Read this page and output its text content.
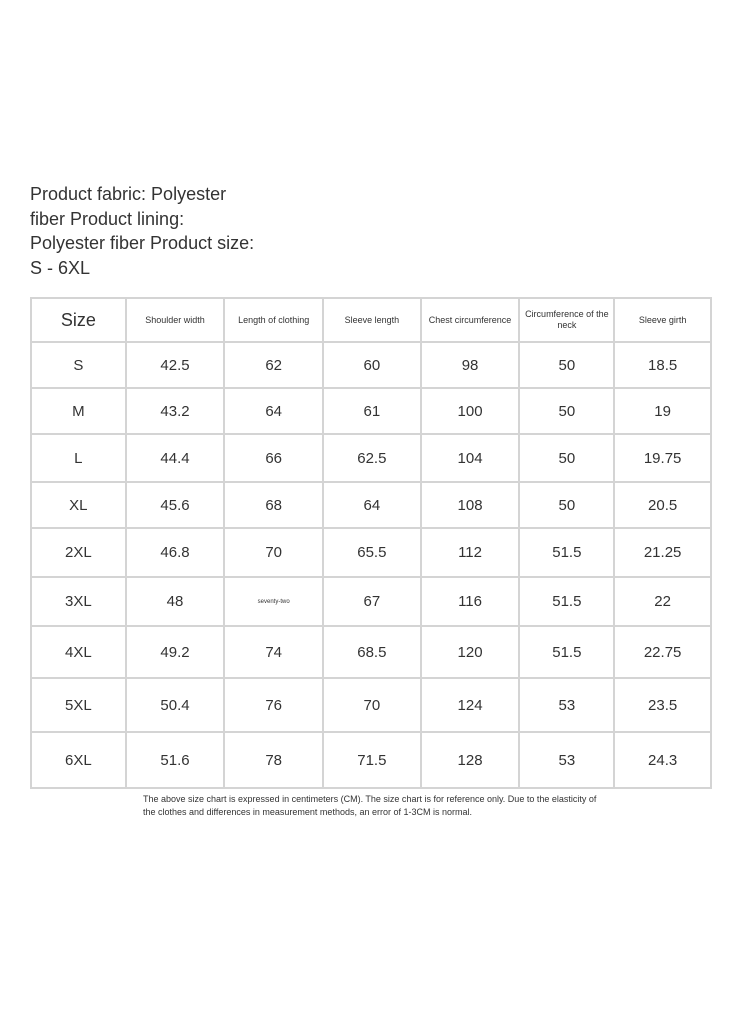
Product fabric: Polyester
fiber Product lining:
Polyester fiber Product size:
S - 6XL
Size	Shoulder width	Length of clothing	Sleeve length	Chest circumference	Circumference of the neck	Sleeve girth
S	42.5	62	60	98	50	18.5
M	43.2	64	61	100	50	19
L	44.4	66	62.5	104	50	19.75
XL	45.6	68	64	108	50	20.5
2XL	46.8	70	65.5	112	51.5	21.25
3XL	48	seventy-two	67	116	51.5	22
4XL	49.2	74	68.5	120	51.5	22.75
5XL	50.4	76	70	124	53	23.5
6XL	51.6	78	71.5	128	53	24.3
The above size chart is expressed in centimeters (CM). The size chart is for reference only. Due to the elasticity of the clothes and differences in measurement methods, an error of 1-3CM is normal.
